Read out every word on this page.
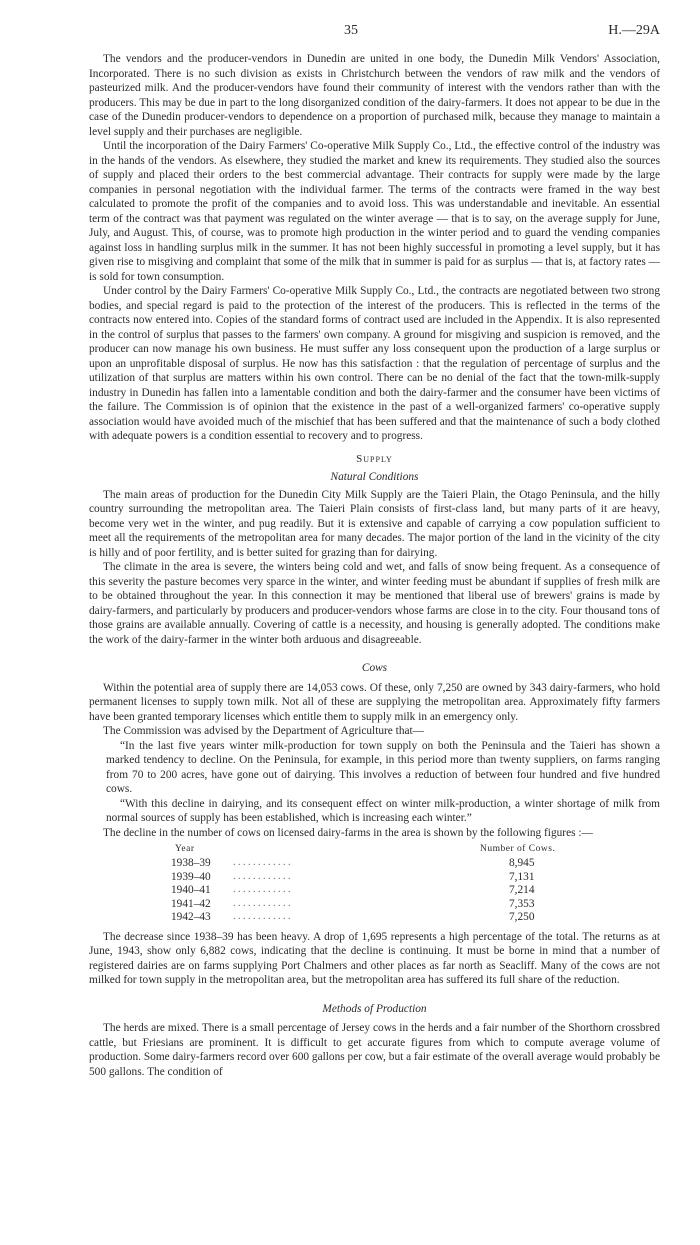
35	H.—29A

The vendors and the producer-vendors in Dunedin are united in one body, the Dunedin Milk Vendors' Association, Incorporated. There is no such division as exists in Christchurch between the vendors of raw milk and the vendors of pasteurized milk. And the producer-vendors have found their community of interest with the vendors rather than with the producers. This may be due in part to the long disorganized condition of the dairy-farmers. It does not appear to be due in the case of the Dunedin producer-vendors to dependence on a proportion of purchased milk, because they manage to maintain a level supply and their purchases are negligible.

Until the incorporation of the Dairy Farmers' Co-operative Milk Supply Co., Ltd., the effective control of the industry was in the hands of the vendors. As elsewhere, they studied the market and knew its requirements. They studied also the sources of supply and placed their orders to the best commercial advantage. Their contracts for supply were made by the large companies in personal negotiation with the individual farmer. The terms of the contracts were framed in the way best calculated to promote the profit of the companies and to avoid loss. This was understandable and inevitable. An essential term of the contract was that payment was regulated on the winter average — that is to say, on the average supply for June, July, and August. This, of course, was to promote high production in the winter period and to guard the vending companies against loss in handling surplus milk in the summer. It has not been highly successful in promoting a level supply, but it has given rise to misgiving and complaint that some of the milk that in summer is paid for as surplus — that is, at factory rates — is sold for town consumption.

Under control by the Dairy Farmers' Co-operative Milk Supply Co., Ltd., the contracts are negotiated between two strong bodies, and special regard is paid to the protection of the interest of the producers. This is reflected in the terms of the contracts now entered into. Copies of the standard forms of contract used are included in the Appendix. It is also represented in the control of surplus that passes to the farmers' own company. A ground for misgiving and suspicion is removed, and the producer can now manage his own business. He must suffer any loss consequent upon the production of a large surplus or upon an unprofitable disposal of surplus. He now has this satisfaction : that the regulation of percentage of surplus and the utilization of that surplus are matters within his own control. There can be no denial of the fact that the town-milk-supply industry in Dunedin has fallen into a lamentable condition and both the dairy-farmer and the consumer have been victims of the failure. The Commission is of opinion that the existence in the past of a well-organized farmers' co-operative supply association would have avoided much of the mischief that has been suffered and that the maintenance of such a body clothed with adequate powers is a condition essential to recovery and to progress.

Supply
Natural Conditions

The main areas of production for the Dunedin City Milk Supply are the Taieri Plain, the Otago Peninsula, and the hilly country surrounding the metropolitan area. The Taieri Plain consists of first-class land, but many parts of it are heavy, become very wet in the winter, and pug readily. But it is extensive and capable of carrying a cow population sufficient to meet all the requirements of the metropolitan area for many decades. The major portion of the land in the vicinity of the city is hilly and of poor fertility, and is better suited for grazing than for dairying.

The climate in the area is severe, the winters being cold and wet, and falls of snow being frequent. As a consequence of this severity the pasture becomes very sparce in the winter, and winter feeding must be abundant if supplies of fresh milk are to be obtained throughout the year. In this connection it may be mentioned that liberal use of brewers' grains is made by dairy-farmers, and particularly by producers and producer-vendors whose farms are close in to the city. Four thousand tons of those grains are available annually. Covering of cattle is a necessity, and housing is generally adopted. The conditions make the work of the dairy-farmer in the winter both arduous and disagreeable.

Cows

Within the potential area of supply there are 14,053 cows. Of these, only 7,250 are owned by 343 dairy-farmers, who hold permanent licenses to supply town milk. Not all of these are supplying the metropolitan area. Approximately fifty farmers have been granted temporary licenses which entitle them to supply milk in an emergency only.

The Commission was advised by the Department of Agriculture that—

“In the last five years winter milk-production for town supply on both the Peninsula and the Taieri has shown a marked tendency to decline. On the Peninsula, for example, in this period more than twenty suppliers, on farms ranging from 70 to 200 acres, have gone out of dairying. This involves a reduction of between four hundred and five hundred cows.

“With this decline in dairying, and its consequent effect on winter milk-production, a winter shortage of milk from normal sources of supply has been established, which is increasing each winter.”

The decline in the number of cows on licensed dairy-farms in the area is shown by the following figures :—

Year	Number of Cows.
1938–39 . . . . . . . . . . . .	8,945
1939–40 . . . . . . . . . . . .	7,131
1940–41 . . . . . . . . . . . .	7,214
1941–42 . . . . . . . . . . . .	7,353
1942–43 . . . . . . . . . . . .	7,250

The decrease since 1938–39 has been heavy. A drop of 1,695 represents a high percentage of the total. The returns as at June, 1943, show only 6,882 cows, indicating that the decline is continuing. It must be borne in mind that a number of registered dairies are on farms supplying Port Chalmers and other places as far north as Seacliff. Many of the cows are not milked for town supply in the metropolitan area, but the metropolitan area has suffered its full share of the reduction.

Methods of Production

The herds are mixed. There is a small percentage of Jersey cows in the herds and a fair number of the Shorthorn crossbred cattle, but Friesians are prominent. It is difficult to get accurate figures from which to compute average volume of production. Some dairy-farmers record over 600 gallons per cow, but a fair estimate of the overall average would probably be 500 gallons. The condition of
